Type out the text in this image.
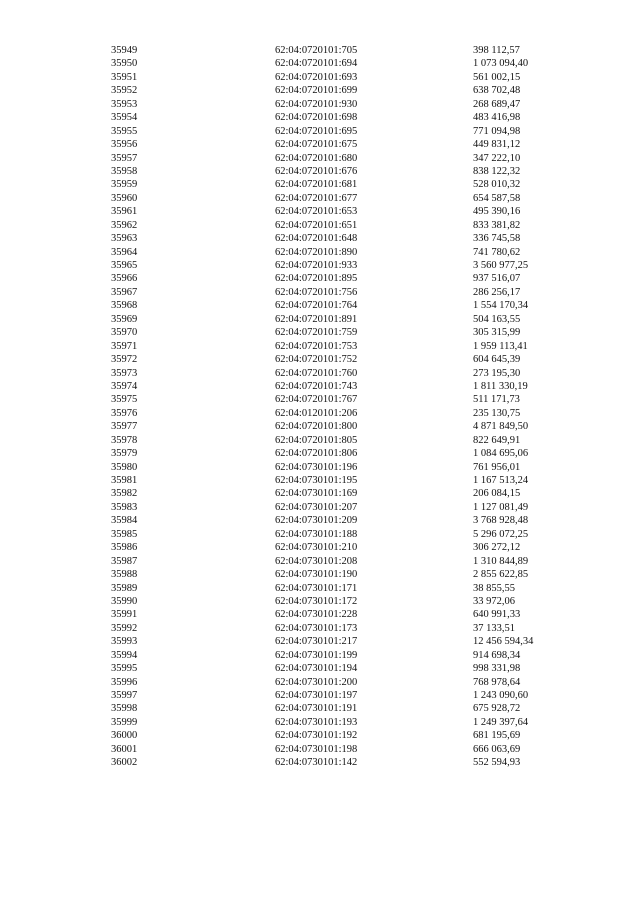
35949	62:04:0720101:705	398 112,57
35950	62:04:0720101:694	1 073 094,40
35951	62:04:0720101:693	561 002,15
35952	62:04:0720101:699	638 702,48
35953	62:04:0720101:930	268 689,47
35954	62:04:0720101:698	483 416,98
35955	62:04:0720101:695	771 094,98
35956	62:04:0720101:675	449 831,12
35957	62:04:0720101:680	347 222,10
35958	62:04:0720101:676	838 122,32
35959	62:04:0720101:681	528 010,32
35960	62:04:0720101:677	654 587,58
35961	62:04:0720101:653	495 390,16
35962	62:04:0720101:651	833 381,82
35963	62:04:0720101:648	336 745,58
35964	62:04:0720101:890	741 780,62
35965	62:04:0720101:933	3 560 977,25
35966	62:04:0720101:895	937 516,07
35967	62:04:0720101:756	286 256,17
35968	62:04:0720101:764	1 554 170,34
35969	62:04:0720101:891	504 163,55
35970	62:04:0720101:759	305 315,99
35971	62:04:0720101:753	1 959 113,41
35972	62:04:0720101:752	604 645,39
35973	62:04:0720101:760	273 195,30
35974	62:04:0720101:743	1 811 330,19
35975	62:04:0720101:767	511 171,73
35976	62:04:0120101:206	235 130,75
35977	62:04:0720101:800	4 871 849,50
35978	62:04:0720101:805	822 649,91
35979	62:04:0720101:806	1 084 695,06
35980	62:04:0730101:196	761 956,01
35981	62:04:0730101:195	1 167 513,24
35982	62:04:0730101:169	206 084,15
35983	62:04:0730101:207	1 127 081,49
35984	62:04:0730101:209	3 768 928,48
35985	62:04:0730101:188	5 296 072,25
35986	62:04:0730101:210	306 272,12
35987	62:04:0730101:208	1 310 844,89
35988	62:04:0730101:190	2 855 622,85
35989	62:04:0730101:171	38 855,55
35990	62:04:0730101:172	33 972,06
35991	62:04:0730101:228	640 991,33
35992	62:04:0730101:173	37 133,51
35993	62:04:0730101:217	12 456 594,34
35994	62:04:0730101:199	914 698,34
35995	62:04:0730101:194	998 331,98
35996	62:04:0730101:200	768 978,64
35997	62:04:0730101:197	1 243 090,60
35998	62:04:0730101:191	675 928,72
35999	62:04:0730101:193	1 249 397,64
36000	62:04:0730101:192	681 195,69
36001	62:04:0730101:198	666 063,69
36002	62:04:0730101:142	552 594,93
